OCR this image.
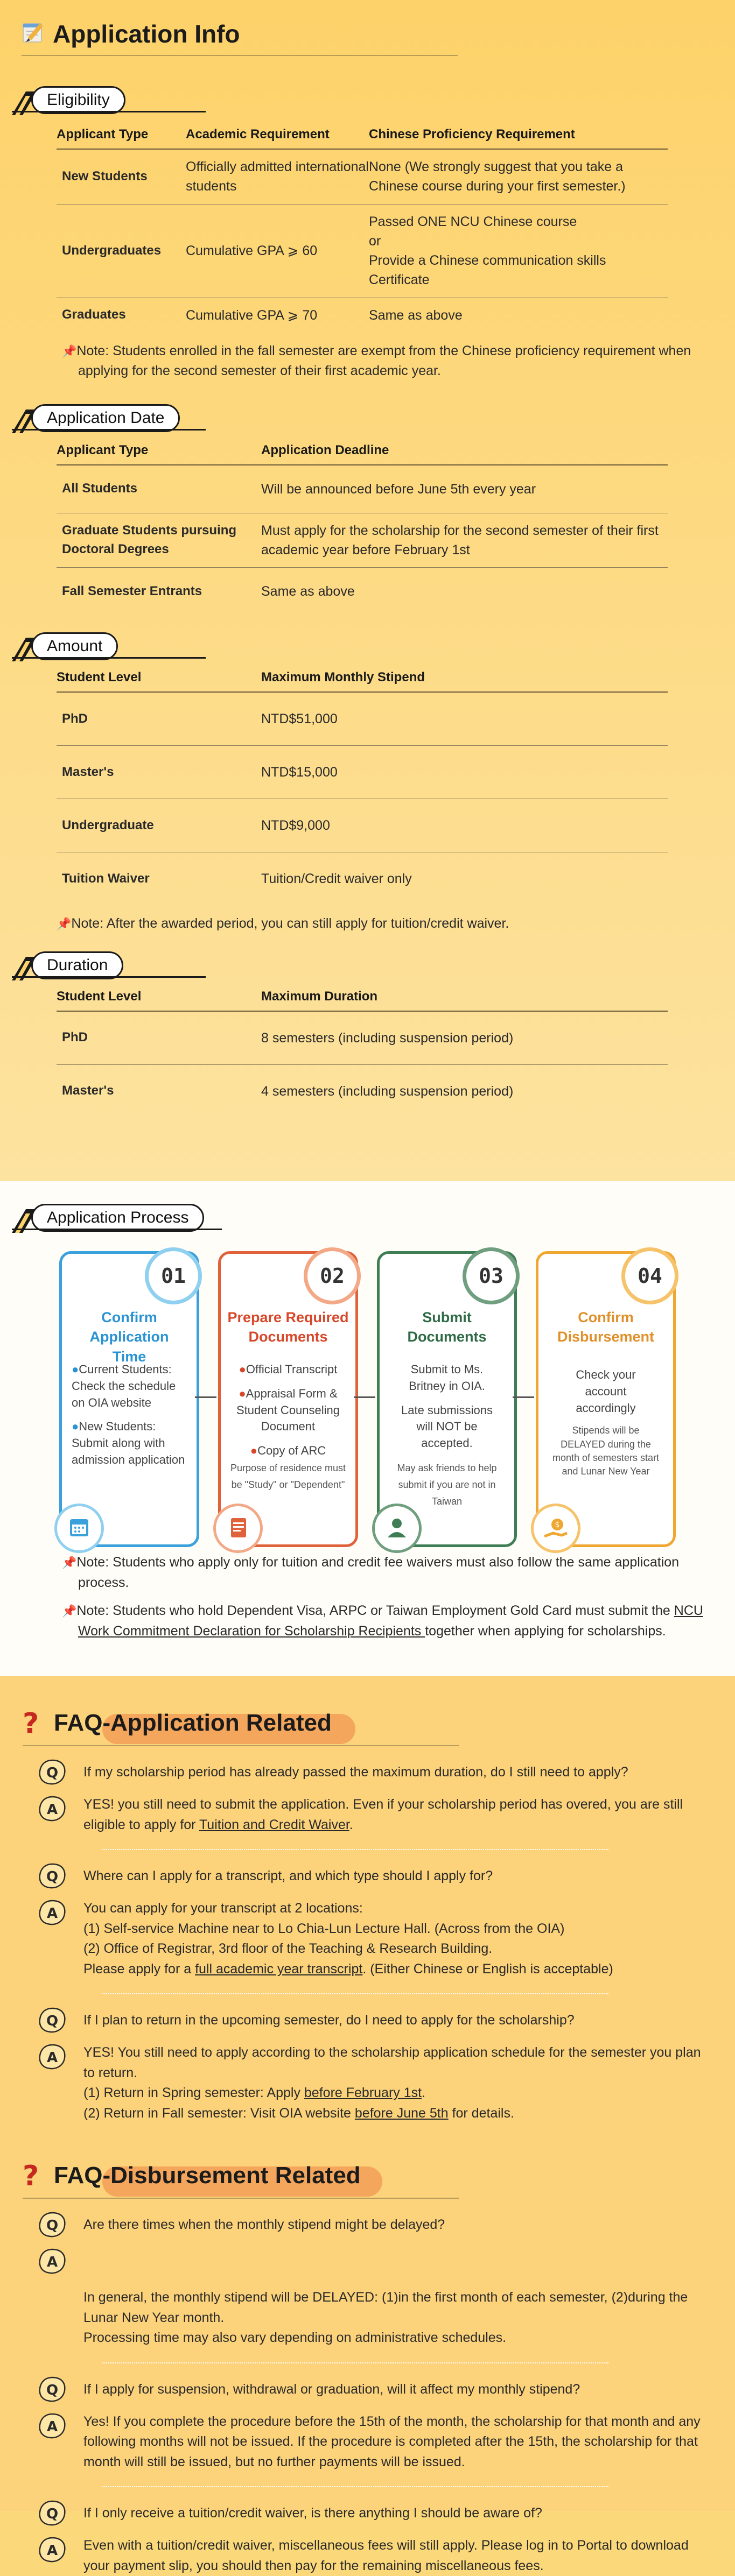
Application Info
Eligibility
Applicant Type	Academic Requirement	Chinese Proficiency Requirement
New Students	Officially admitted international students	None (We strongly suggest that you take a Chinese course during your first semester.)
Undergraduates	Cumulative GPA ⩾ 60	Passed ONE NCU Chinese course
or
Provide a Chinese communication skills Certificate
Graduates	Cumulative GPA ⩾ 70	Same as above
📌Note: Students enrolled in the fall semester are exempt from the Chinese proficiency requirement when applying for the second semester of their first academic year.
Application Date
Applicant Type	Application Deadline
All Students	Will be announced before June 5th every year
Graduate Students pursuing Doctoral Degrees	Must apply for the scholarship for the second semester of their first academic year before February 1st
Fall Semester Entrants	Same as above
Amount
Student Level	Maximum Monthly Stipend
PhD	NTD$51,000
Master's	NTD$15,000
Undergraduate	NTD$9,000
Tuition Waiver	Tuition/Credit waiver only
📌Note: After the awarded period, you can still apply for tuition/credit waiver.
Duration
Student Level	Maximum Duration
PhD	8 semesters (including suspension period)
Master's	4 semesters (including suspension period)
Application Process
01
Confirm Application Time
●Current Students: Check the schedule on OIA website
●New Students: Submit along with admission application
02
Prepare Required Documents
●Official Transcript
●Appraisal Form & Student Counseling Document
●Copy of ARC
Purpose of residence must be "Study" or "Dependent"
03
Submit Documents
Submit to Ms. Britney in OIA.
Late submissions will NOT be accepted.
May ask friends to help submit if you are not in Taiwan
04
Confirm Disbursement
Check your account accordingly
Stipends will be DELAYED during the month of semesters start and Lunar New Year
$
📌Note: Students who apply only for tuition and credit fee waivers must also follow the same application process.
📌Note: Students who hold Dependent Visa, ARPC or Taiwan Employment Gold Card must submit the NCU Work Commitment Declaration for Scholarship Recipients together when applying for scholarships.
? FAQ-Application Related
Q If my scholarship period has already passed the maximum duration, do I still need to apply?
A YES! you still need to submit the application. Even if your scholarship period has overed, you are still eligible to apply for Tuition and Credit Waiver.
Q Where can I apply for a transcript, and which type should I apply for?
A You can apply for your transcript at 2 locations:
(1) Self-service Machine near to Lo Chia-Lun Lecture Hall. (Across from the OIA)
(2) Office of Registrar, 3rd floor of the Teaching & Research Building.
Please apply for a full academic year transcript. (Either Chinese or English is acceptable)
Q If I plan to return in the upcoming semester, do I need to apply for the scholarship?
A YES! You still need to apply according to the scholarship application schedule for the semester you plan to return.
(1) Return in Spring semester: Apply before February 1st.
(2) Return in Fall semester: Visit OIA website before June 5th for details.
? FAQ-Disbursement Related
Q Are there times when the monthly stipend might be delayed?

A

In general, the monthly stipend will be DELAYED: (1)in the first month of each semester, (2)during the Lunar New Year month.
Processing time may also vary depending on administrative schedules.

Q If I apply for suspension, withdrawal or graduation, will it affect my monthly stipend?
A Yes! If you complete the procedure before the 15th of the month, the scholarship for that month and any following months will not be issued. If the procedure is completed after the 15th, the scholarship for that month will still be issued, but no further payments will be issued.
Q If I only receive a tuition/credit waiver, is there anything I should be aware of?
A Even with a tuition/credit waiver, miscellaneous fees will still apply. Please log in to Portal to download your payment slip, you should then pay for the remaining miscellaneous fees.
